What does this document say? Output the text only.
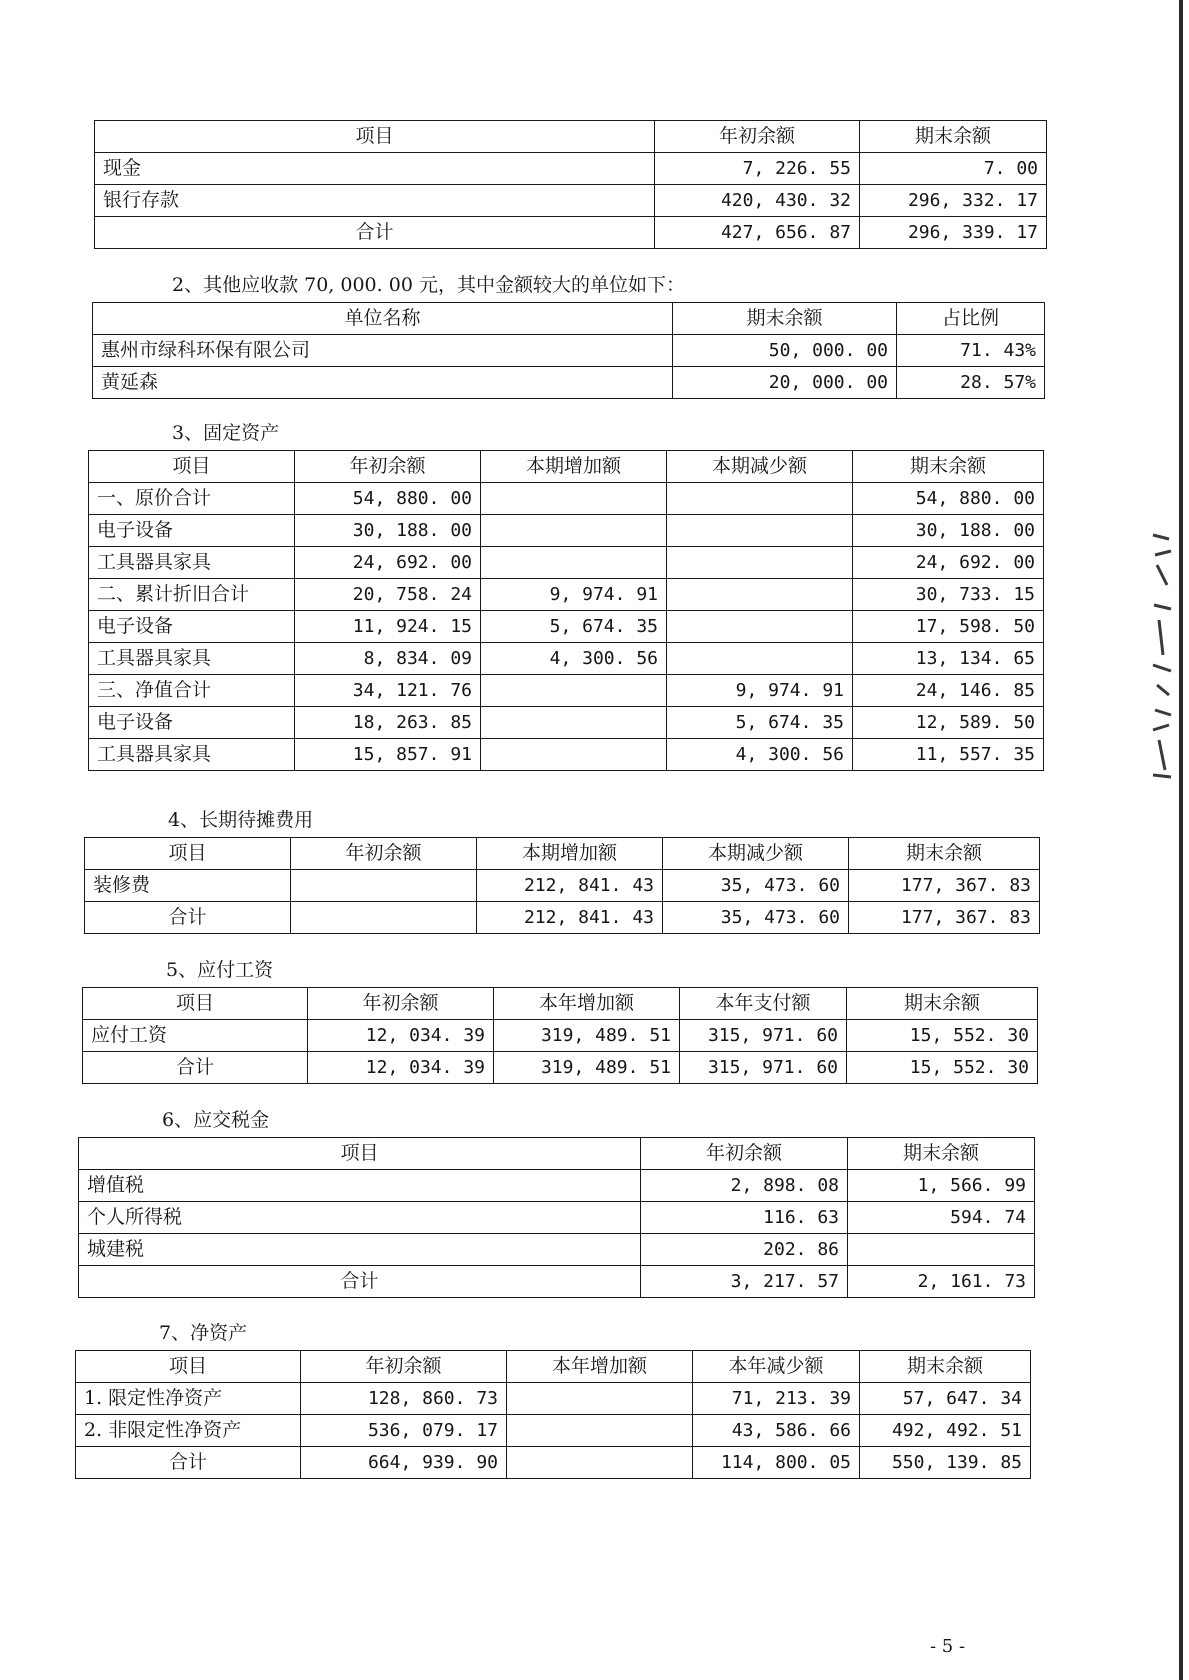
项目	年初余额	期末余额
现金	7, 226. 55	7. 00
银行存款	420, 430. 32	296, 332. 17
合计	427, 656. 87	296, 339. 17
2、其他应收款 70, 000. 00 元，其中金额较大的单位如下：
单位名称	期末余额	占比例
惠州市绿科环保有限公司	50, 000. 00	71. 43%
黄延森	20, 000. 00	28. 57%
3、固定资产
项目	年初余额	本期增加额	本期减少额	期末余额
一、原价合计	54, 880. 00			54, 880. 00
电子设备	30, 188. 00			30, 188. 00
工具器具家具	24, 692. 00			24, 692. 00
二、累计折旧合计	20, 758. 24	9, 974. 91		30, 733. 15
电子设备	11, 924. 15	5, 674. 35		17, 598. 50
工具器具家具	8, 834. 09	4, 300. 56		13, 134. 65
三、净值合计	34, 121. 76		9, 974. 91	24, 146. 85
电子设备	18, 263. 85		5, 674. 35	12, 589. 50
工具器具家具	15, 857. 91		4, 300. 56	11, 557. 35
4、长期待摊费用
项目	年初余额	本期增加额	本期减少额	期末余额
装修费		212, 841. 43	35, 473. 60	177, 367. 83
合计		212, 841. 43	35, 473. 60	177, 367. 83
5、应付工资
项目	年初余额	本年增加额	本年支付额	期末余额
应付工资	12, 034. 39	319, 489. 51	315, 971. 60	15, 552. 30
合计	12, 034. 39	319, 489. 51	315, 971. 60	15, 552. 30
6、应交税金
项目	年初余额	期末余额
增值税	2, 898. 08	1, 566. 99
个人所得税	116. 63	594. 74
城建税	202. 86	
合计	3, 217. 57	2, 161. 73
7、净资产
项目	年初余额	本年增加额	本年减少额	期末余额
1. 限定性净资产	128, 860. 73		71, 213. 39	57, 647. 34
2. 非限定性净资产	536, 079. 17		43, 586. 66	492, 492. 51
合计	664, 939. 90		114, 800. 05	550, 139. 85
- 5 -
